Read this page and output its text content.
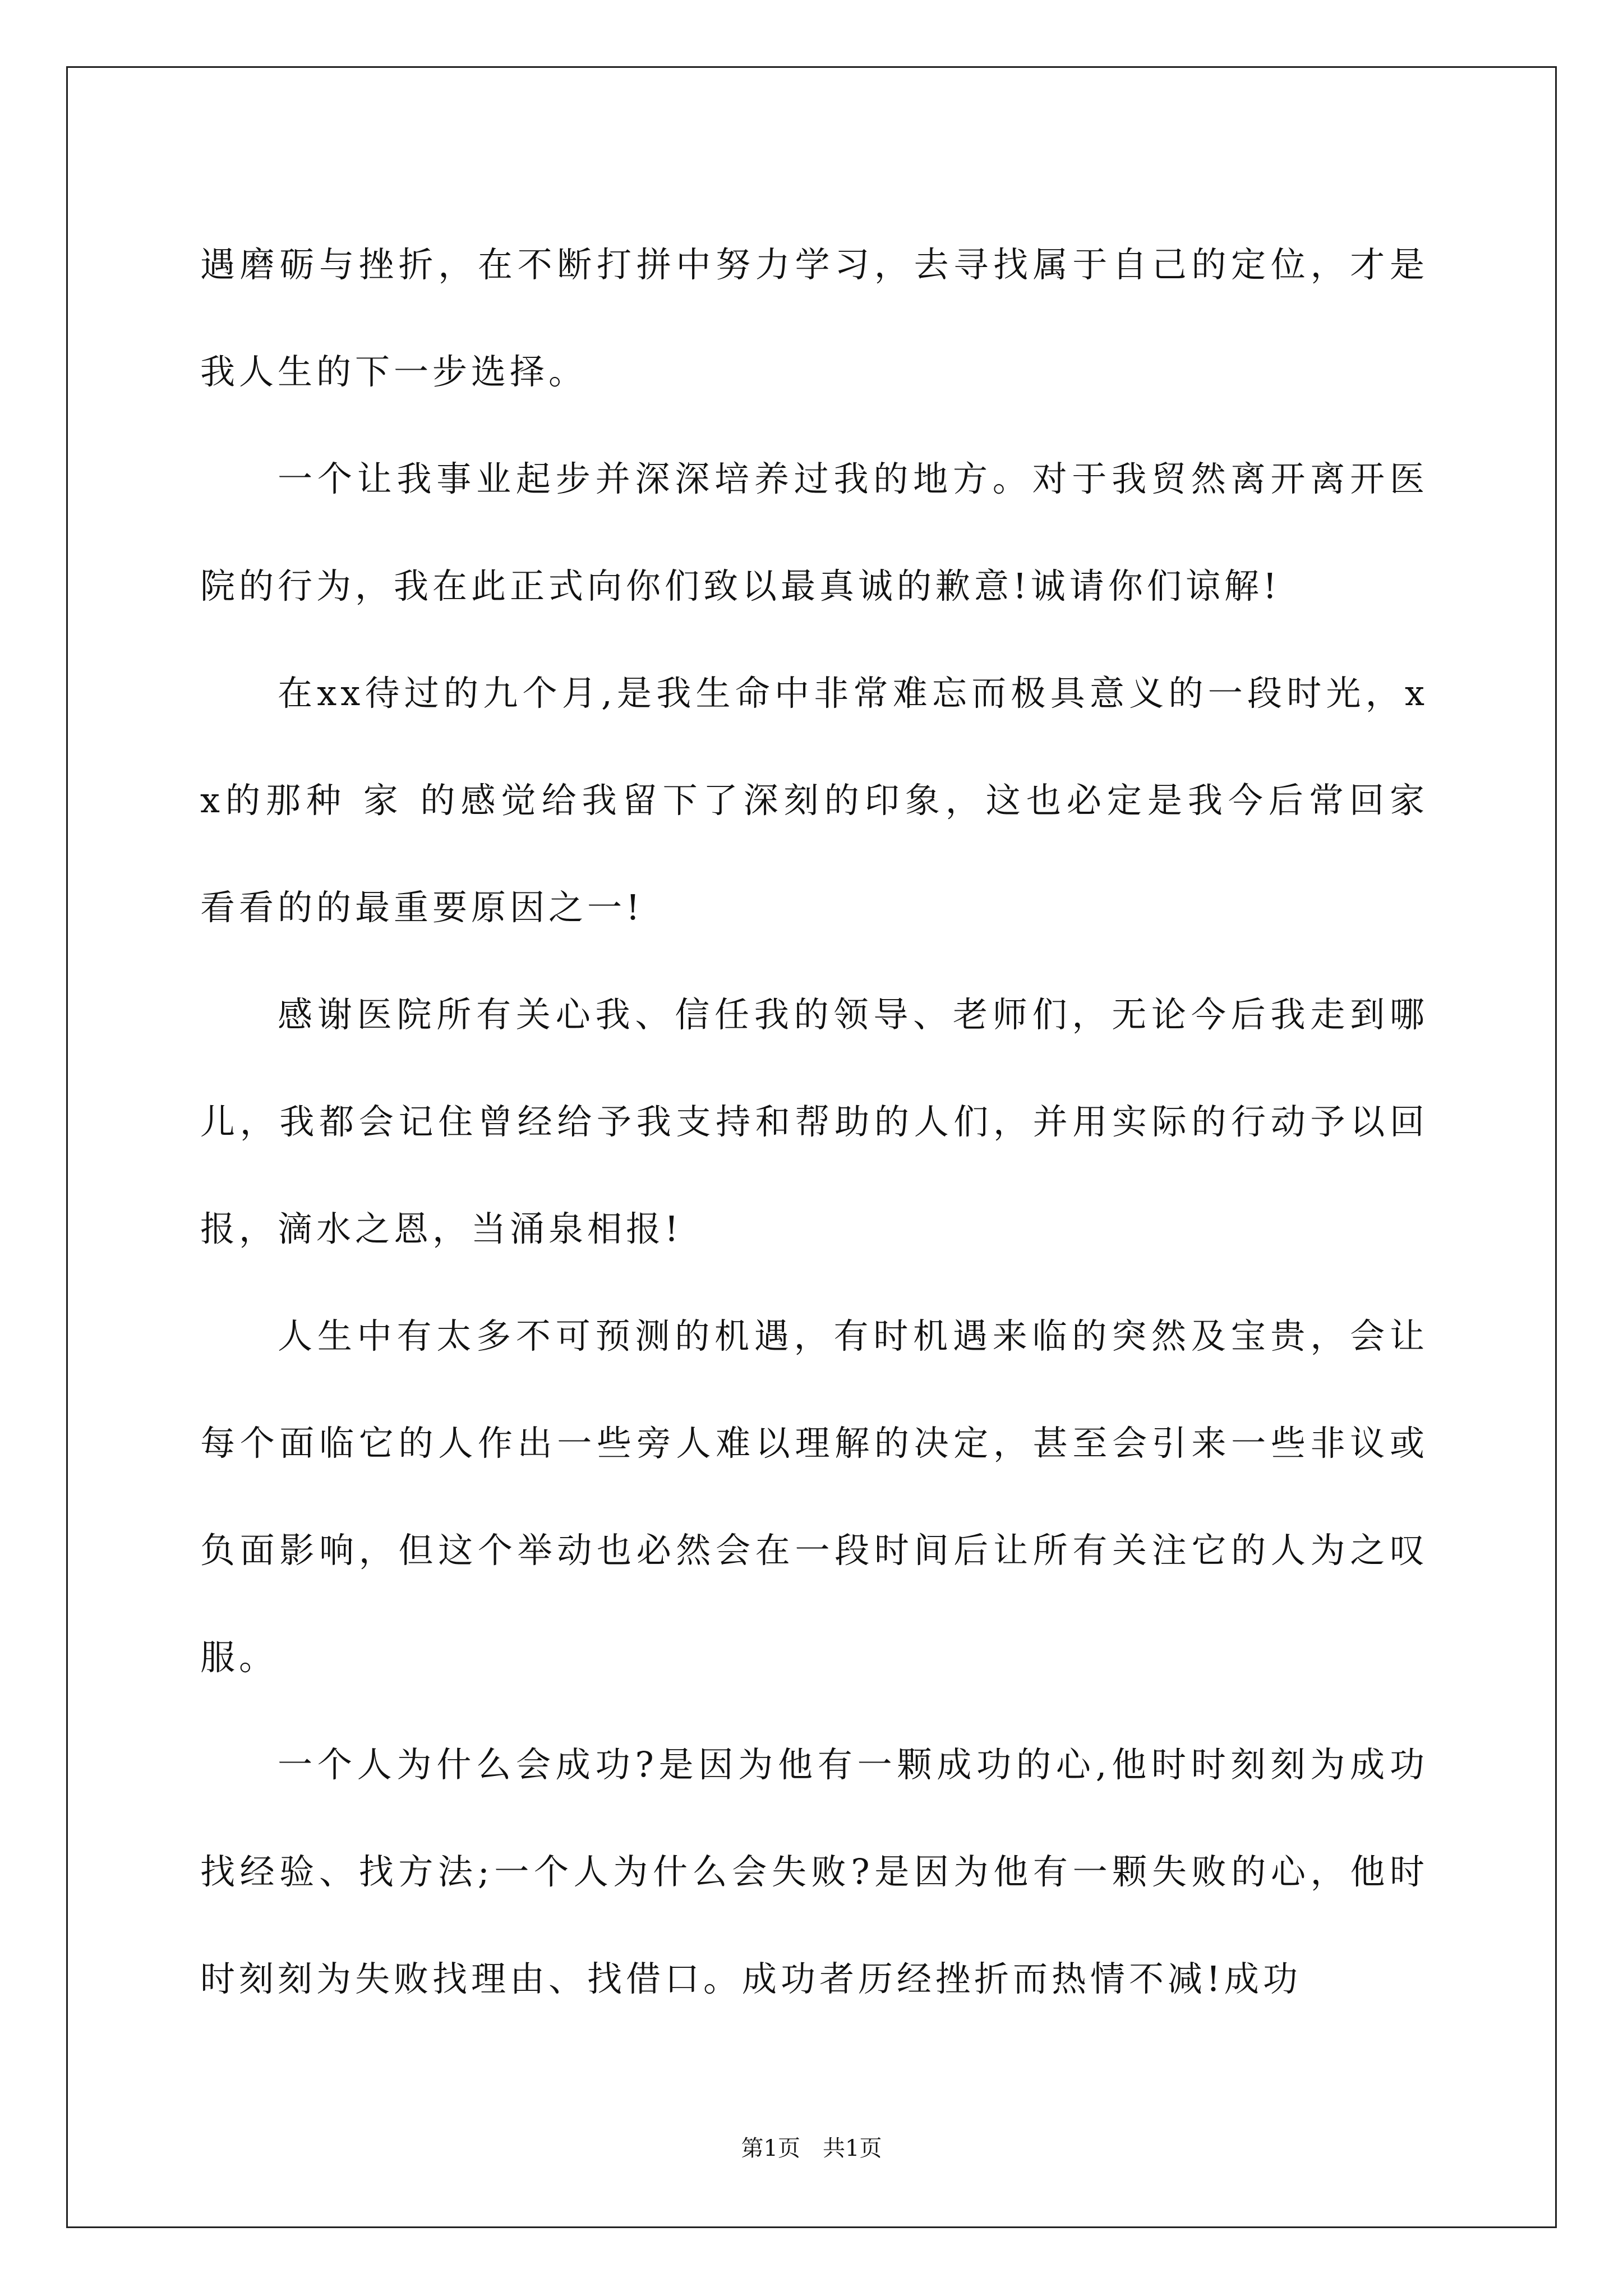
遇磨砺与挫折，在不断打拼中努力学习，去寻找属于自己的定位，才是我人生的下一步选择。

一个让我事业起步并深深培养过我的地方。对于我贸然离开离开医院的行为，我在此正式向你们致以最真诚的歉意!诚请你们谅解!

在xx待过的九个月,是我生命中非常难忘而极具意义的一段时光，xx的那种 家 的感觉给我留下了深刻的印象，这也必定是我今后常回家 看看的的最重要原因之一!

感谢医院所有关心我、信任我的领导、老师们，无论今后我走到哪儿，我都会记住曾经给予我支持和帮助的人们，并用实际的行动予以回报，滴水之恩，当涌泉相报!

人生中有太多不可预测的机遇，有时机遇来临的突然及宝贵，会让每个面临它的人作出一些旁人难以理解的决定，甚至会引来一些非议或负面影响，但这个举动也必然会在一段时间后让所有关注它的人为之叹服。

一个人为什么会成功?是因为他有一颗成功的心,他时时刻刻为成功找经验、找方法;一个人为什么会失败?是因为他有一颗失败的心，他时时刻刻为失败找理由、找借口。成功者历经挫折而热情不减!成功

第1页　共1页
